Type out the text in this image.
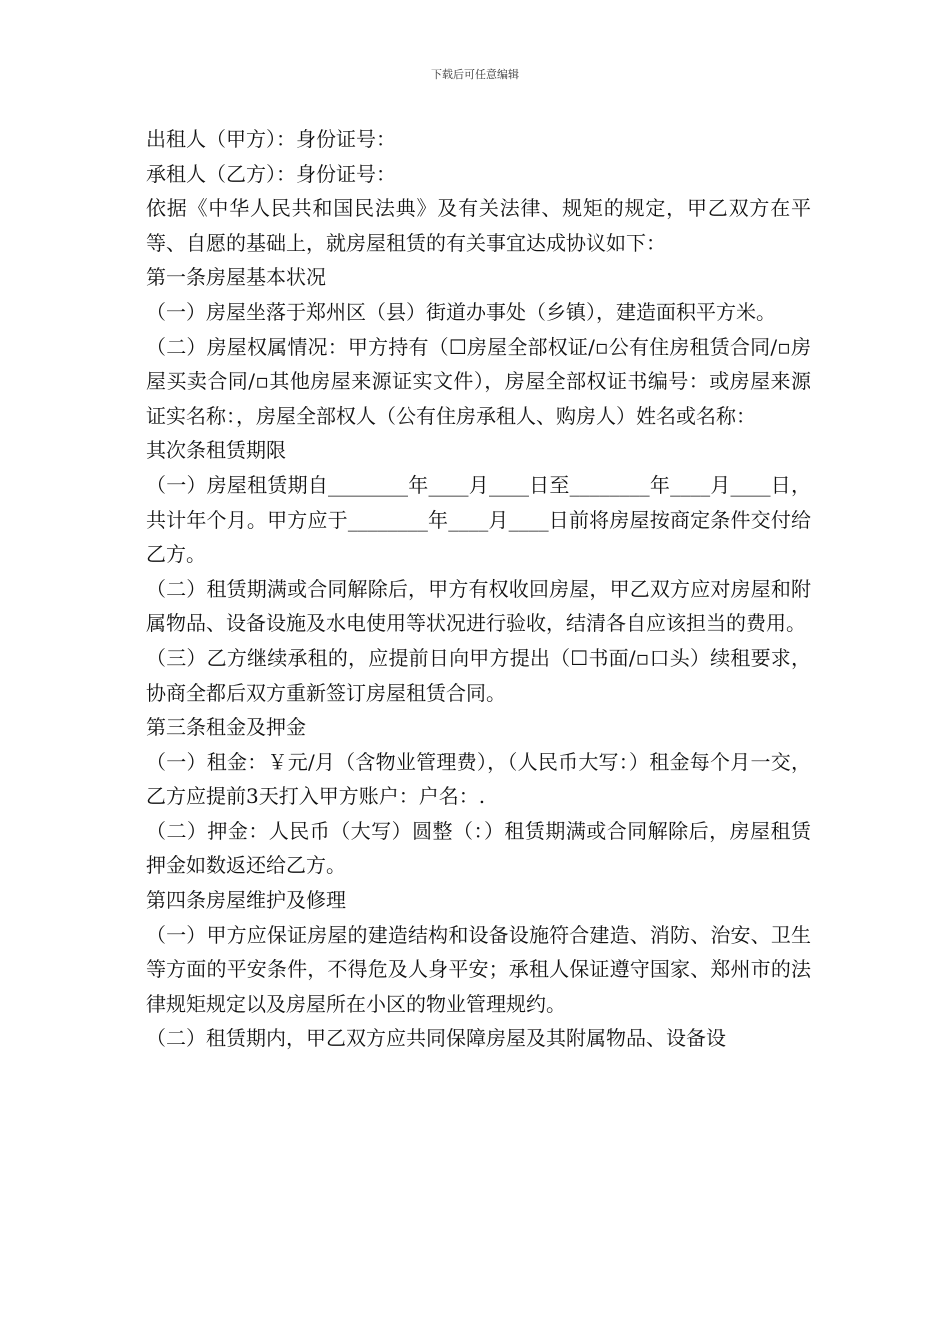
下载后可任意编辑
出租人（甲方）：身份证号：
承租人（乙方）：身份证号：
依据《中华人民共和国民法典》及有关法律、规矩的规定，甲乙双方在平等、自愿的基础上，就房屋租赁的有关事宜达成协议如下：
第一条房屋基本状况
（一）房屋坐落于郑州区（县）街道办事处（乡镇），建造面积平方米。
（二）房屋权属情况：甲方持有（☐房屋全部权证/▫公有住房租赁合同/▫房屋买卖合同/▫其他房屋来源证实文件），房屋全部权证书编号：或房屋来源证实名称：，房屋全部权人（公有住房承租人、购房人）姓名或名称：
其次条租赁期限
（一）房屋租赁期自________年____月____日至________年____月____日，共计年个月。甲方应于________年____月____日前将房屋按商定条件交付给乙方。
（二）租赁期满或合同解除后，甲方有权收回房屋，甲乙双方应对房屋和附属物品、设备设施及水电使用等状况进行验收，结清各自应该担当的费用。
（三）乙方继续承租的，应提前日向甲方提出（☐书面/▫口头）续租要求，协商全都后双方重新签订房屋租赁合同。
第三条租金及押金
（一）租金：￥元/月（含物业管理费），（人民币大写：）租金每个月一交，乙方应提前3天打入甲方账户：户名：.
（二）押金：人民币（大写）圆整（：）租赁期满或合同解除后，房屋租赁押金如数返还给乙方。
第四条房屋维护及修理
（一）甲方应保证房屋的建造结构和设备设施符合建造、消防、治安、卫生等方面的平安条件，不得危及人身平安；承租人保证遵守国家、郑州市的法律规矩规定以及房屋所在小区的物业管理规约。
（二）租赁期内，甲乙双方应共同保障房屋及其附属物品、设备设
